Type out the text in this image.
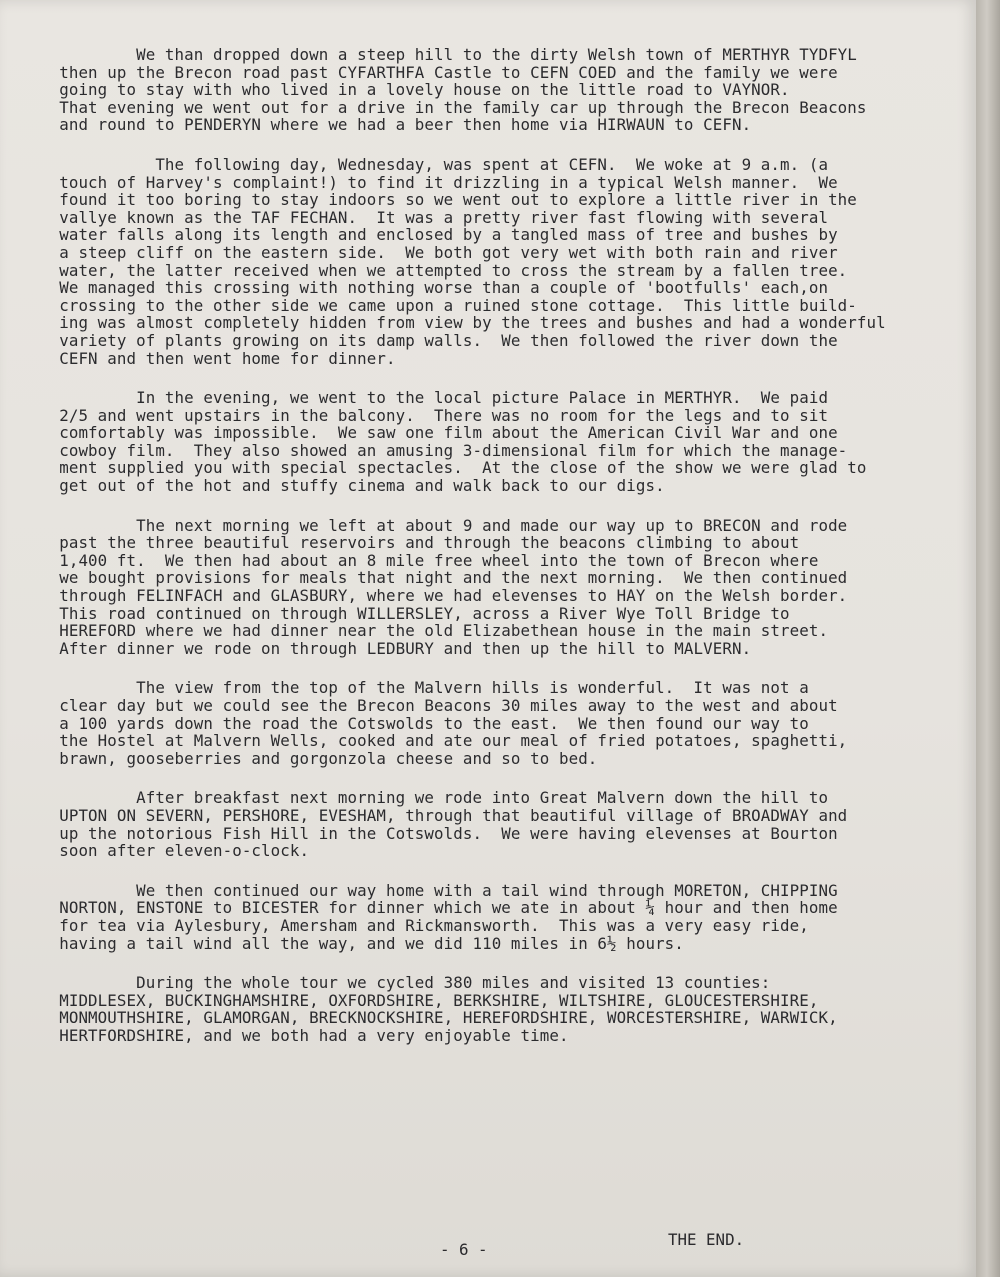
We than dropped down a steep hill to the dirty Welsh town of MERTHYR TYDFYL
then up the Brecon road past CYFARTHFA Castle to CEFN COED and the family we were
going to stay with who lived in a lovely house on the little road to VAYNOR.
That evening we went out for a drive in the family car up through the Brecon Beacons
and round to PENDERYN where we had a beer then home via HIRWAUN to CEFN.
The following day, Wednesday, was spent at CEFN.  We woke at 9 a.m. (a
touch of Harvey's complaint!) to find it drizzling in a typical Welsh manner.  We
found it too boring to stay indoors so we went out to explore a little river in the
vallye known as the TAF FECHAN.  It was a pretty river fast flowing with several
water falls along its length and enclosed by a tangled mass of tree and bushes by
a steep cliff on the eastern side.  We both got very wet with both rain and river
water, the latter received when we attempted to cross the stream by a fallen tree.
We managed this crossing with nothing worse than a couple of 'bootfulls' each,on
crossing to the other side we came upon a ruined stone cottage.  This little build-
ing was almost completely hidden from view by the trees and bushes and had a wonderful
variety of plants growing on its damp walls.  We then followed the river down the
CEFN and then went home for dinner.
In the evening, we went to the local picture Palace in MERTHYR.  We paid
2/5 and went upstairs in the balcony.  There was no room for the legs and to sit
comfortably was impossible.  We saw one film about the American Civil War and one
cowboy film.  They also showed an amusing 3-dimensional film for which the manage-
ment supplied you with special spectacles.  At the close of the show we were glad to
get out of the hot and stuffy cinema and walk back to our digs.
The next morning we left at about 9 and made our way up to BRECON and rode
past the three beautiful reservoirs and through the beacons climbing to about
1,400 ft.  We then had about an 8 mile free wheel into the town of Brecon where
we bought provisions for meals that night and the next morning.  We then continued
through FELINFACH and GLASBURY, where we had elevenses to HAY on the Welsh border.
This road continued on through WILLERSLEY, across a River Wye Toll Bridge to
HEREFORD where we had dinner near the old Elizabethean house in the main street.
After dinner we rode on through LEDBURY and then up the hill to MALVERN.
The view from the top of the Malvern hills is wonderful.  It was not a
clear day but we could see the Brecon Beacons 30 miles away to the west and about
a 100 yards down the road the Cotswolds to the east.  We then found our way to
the Hostel at Malvern Wells, cooked and ate our meal of fried potatoes, spaghetti,
brawn, gooseberries and gorgonzola cheese and so to bed.
After breakfast next morning we rode into Great Malvern down the hill to
UPTON ON SEVERN, PERSHORE, EVESHAM, through that beautiful village of BROADWAY and
up the notorious Fish Hill in the Cotswolds.  We were having elevenses at Bourton
soon after eleven-o-clock.
We then continued our way home with a tail wind through MORETON, CHIPPING
NORTON, ENSTONE to BICESTER for dinner which we ate in about ¼ hour and then home
for tea via Aylesbury, Amersham and Rickmansworth.  This was a very easy ride,
having a tail wind all the way, and we did 110 miles in 6½ hours.
During the whole tour we cycled 380 miles and visited 13 counties:
MIDDLESEX, BUCKINGHAMSHIRE, OXFORDSHIRE, BERKSHIRE, WILTSHIRE, GLOUCESTERSHIRE,
MONMOUTHSHIRE, GLAMORGAN, BRECKNOCKSHIRE, HEREFORDSHIRE, WORCESTERSHIRE, WARWICK,
HERTFORDSHIRE, and we both had a very enjoyable time.
THE END.
- 6 -
